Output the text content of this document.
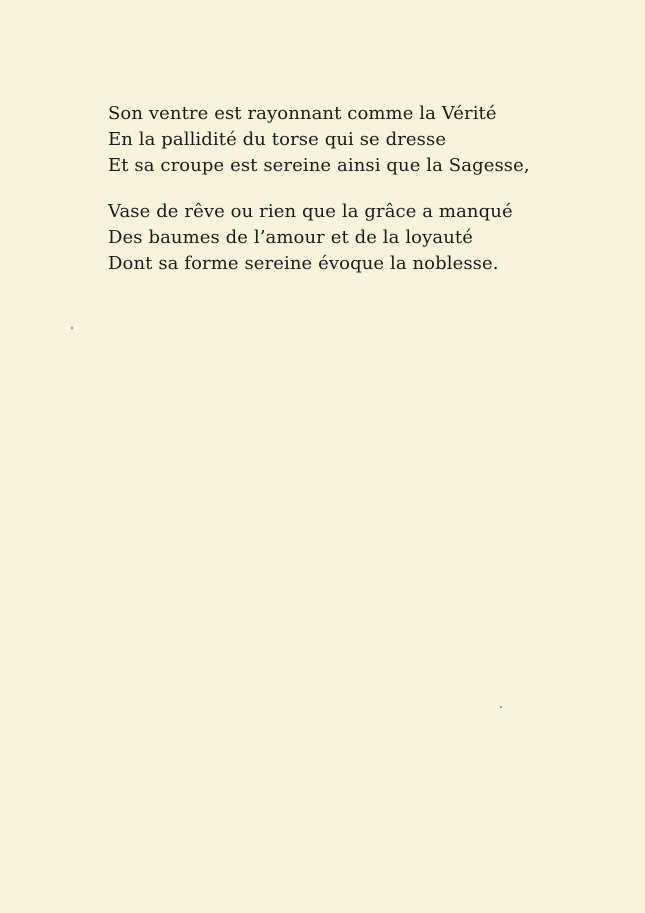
Son ventre est rayonnant comme la Vérité
En la pallidité du torse qui se dresse
Et sa croupe est sereine ainsi que la Sagesse,
Vase de rêve ou rien que la grâce a manqué
Des baumes de l’amour et de la loyauté
Dont sa forme sereine évoque la noblesse.
